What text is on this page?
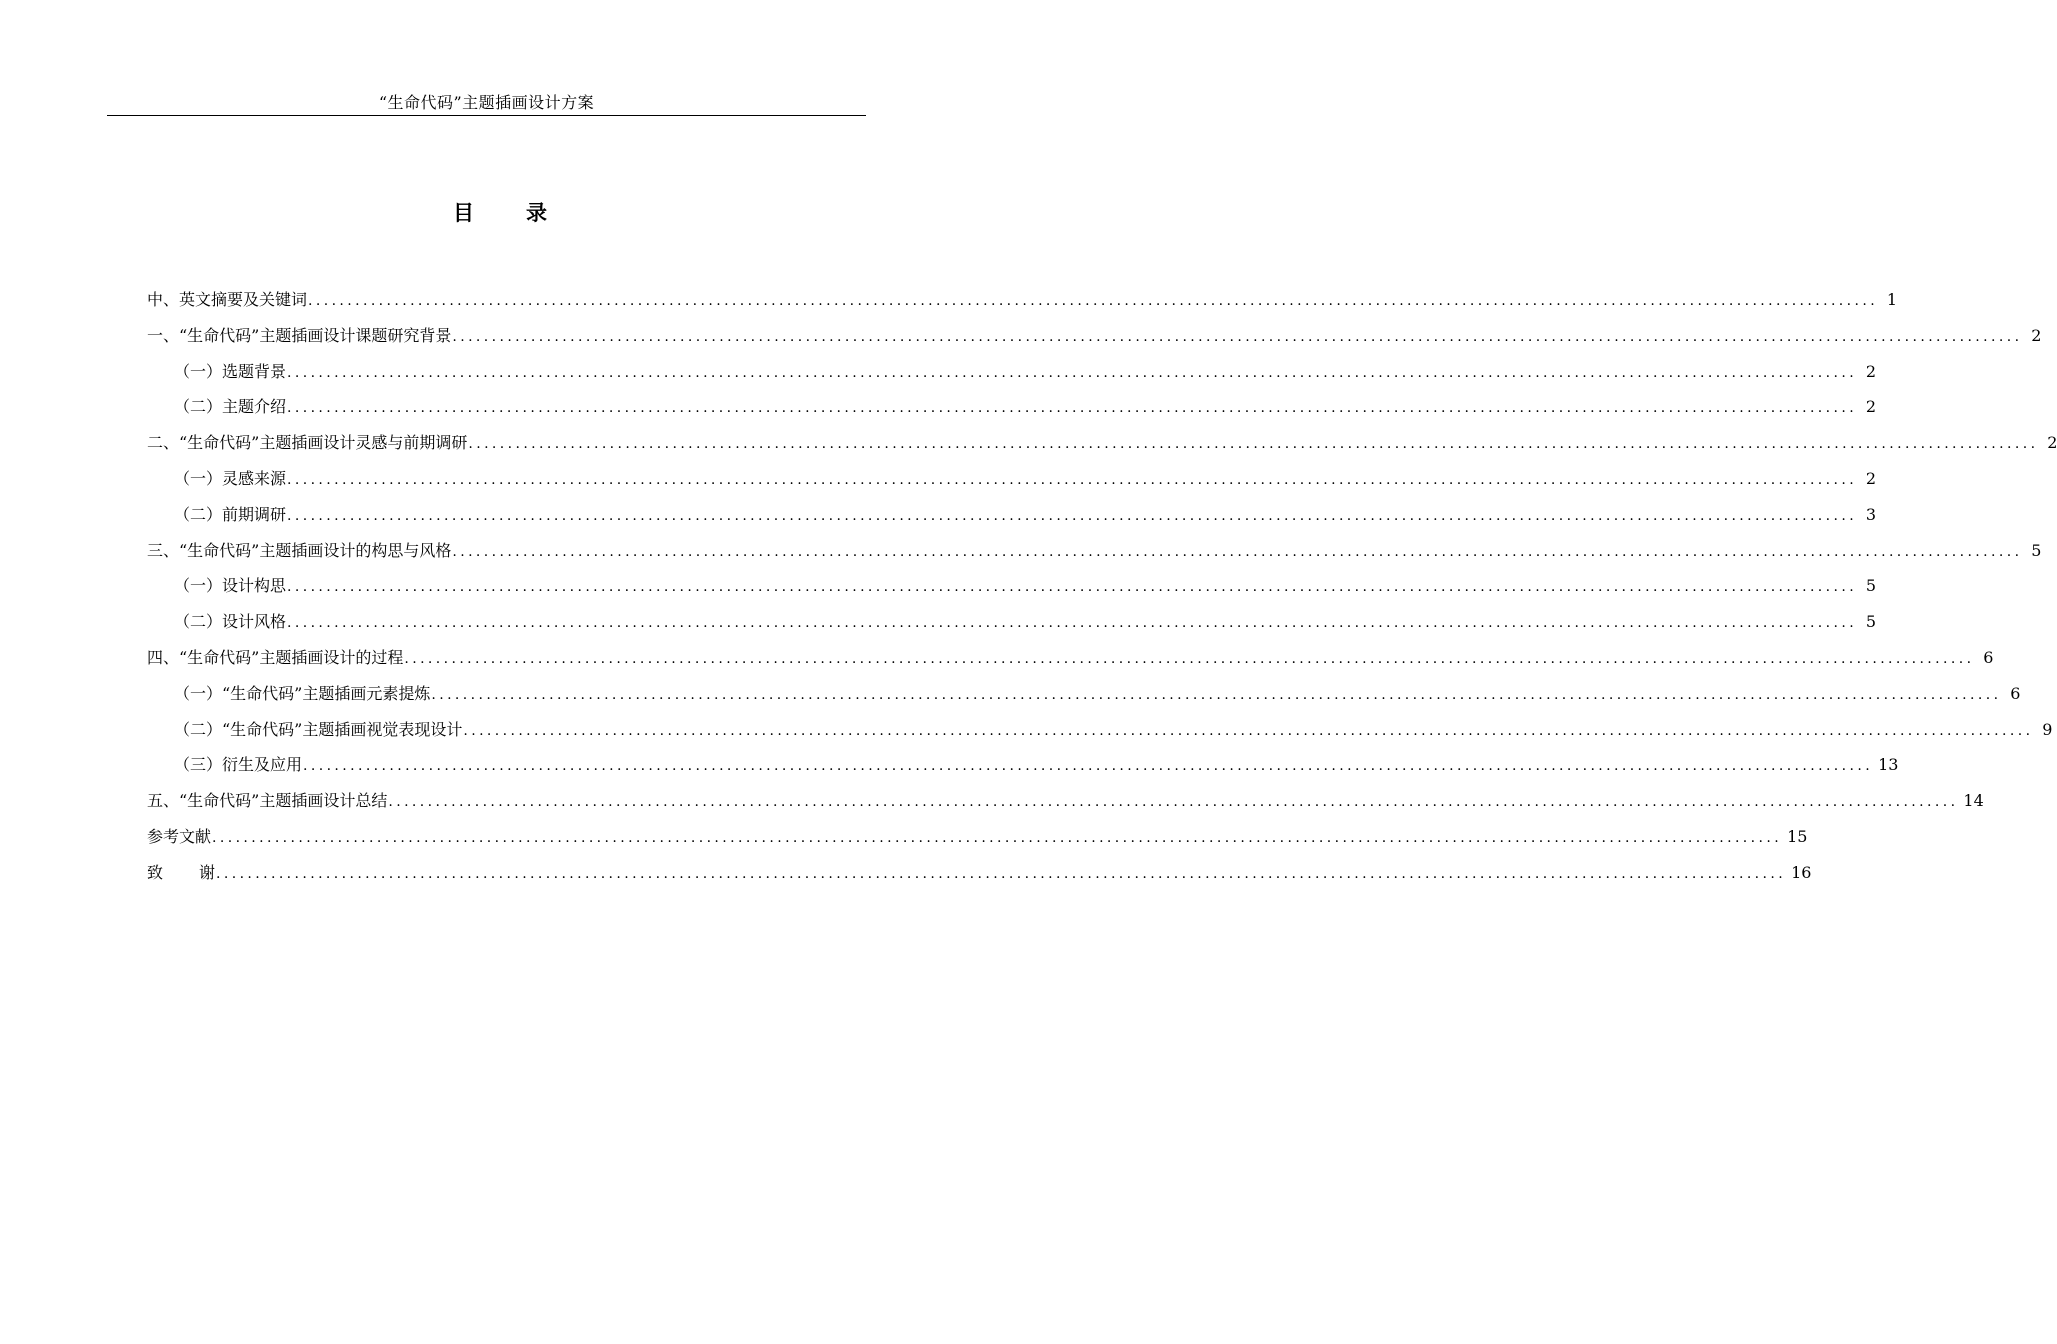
“生命代码”主题插画设计方案
目 录
中、英文摘要及关键词 ........................................................................................................................................................................................................ 1
一、“生命代码”主题插画设计课题研究背景 ........................................................................................................................................................................................................ 2
（一）选题背景 ........................................................................................................................................................................................................ 2
（二）主题介绍 ........................................................................................................................................................................................................ 2
二、“生命代码”主题插画设计灵感与前期调研 ........................................................................................................................................................................................................ 2
（一）灵感来源 ........................................................................................................................................................................................................ 2
（二）前期调研 ........................................................................................................................................................................................................ 3
三、“生命代码”主题插画设计的构思与风格 ........................................................................................................................................................................................................ 5
（一）设计构思 ........................................................................................................................................................................................................ 5
（二）设计风格 ........................................................................................................................................................................................................ 5
四、“生命代码”主题插画设计的过程 ........................................................................................................................................................................................................ 6
（一）“生命代码”主题插画元素提炼 ........................................................................................................................................................................................................ 6
（二）“生命代码”主题插画视觉表现设计 ........................................................................................................................................................................................................ 9
（三）衍生及应用 ........................................................................................................................................................................................................ 13
五、“生命代码”主题插画设计总结 ........................................................................................................................................................................................................ 14
参考文献 ........................................................................................................................................................................................................ 15
致 谢 ........................................................................................................................................................................................................ 16
